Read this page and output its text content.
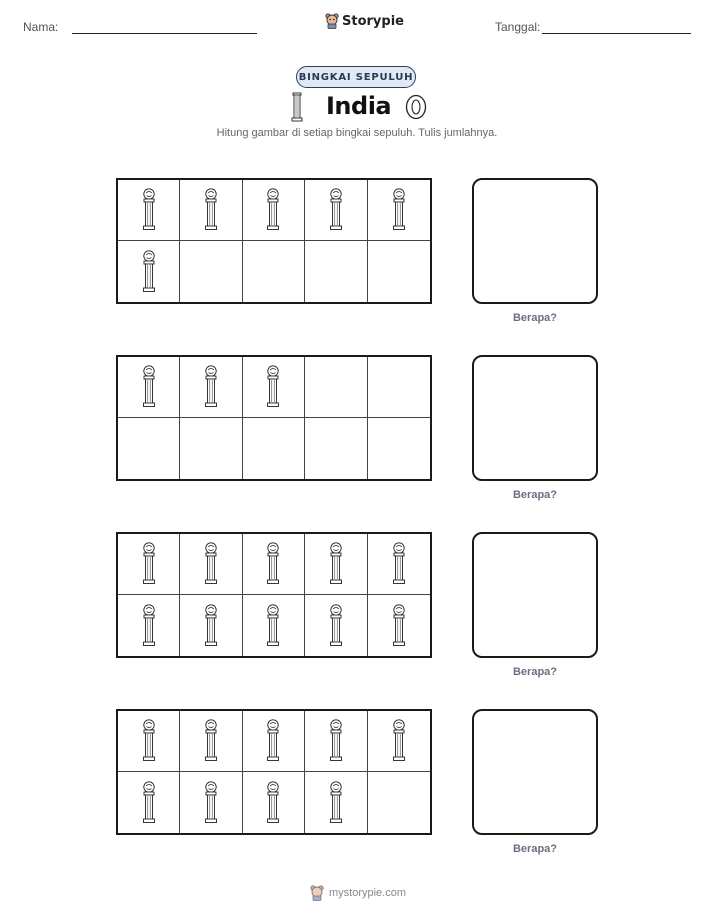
Nama:	Storypie	Tanggal:
BINGKAI SEPULUH
India
Hitung gambar di setiap bingkai sepuluh. Tulis jumlahnya.
Berapa?
Berapa?
Berapa?
Berapa?
mystorypie.com
